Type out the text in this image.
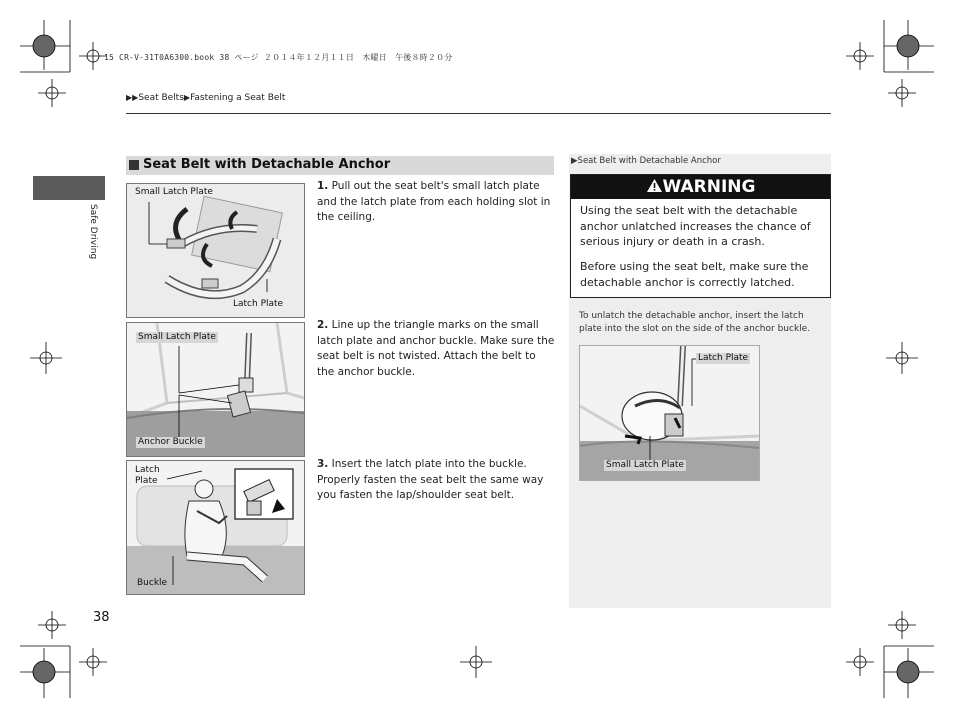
15 CR-V-31T0A6300.book 38 ページ ２０１４年１２月１１日　木曜日　午後８時２０分
▶▶Seat Belts▶Fastening a Seat Belt
Safe Driving
Seat Belt with Detachable Anchor
Small Latch Plate
Latch Plate
Small Latch Plate
Anchor Buckle
Latch
Plate
Buckle
1. Pull out the seat belt's small latch plate and the latch plate from each holding slot in the ceiling.
2. Line up the triangle marks on the small latch plate and anchor buckle. Make sure the seat belt is not twisted. Attach the belt to the anchor buckle.
3. Insert the latch plate into the buckle. Properly fasten the seat belt the same way you fasten the lap/shoulder seat belt.
▶Seat Belt with Detachable Anchor
WARNING
Using the seat belt with the detachable anchor unlatched increases the chance of serious injury or death in a crash.
Before using the seat belt, make sure the detachable anchor is correctly latched.
To unlatch the detachable anchor, insert the latch plate into the slot on the side of the anchor buckle.
Latch Plate
Small Latch Plate
38
